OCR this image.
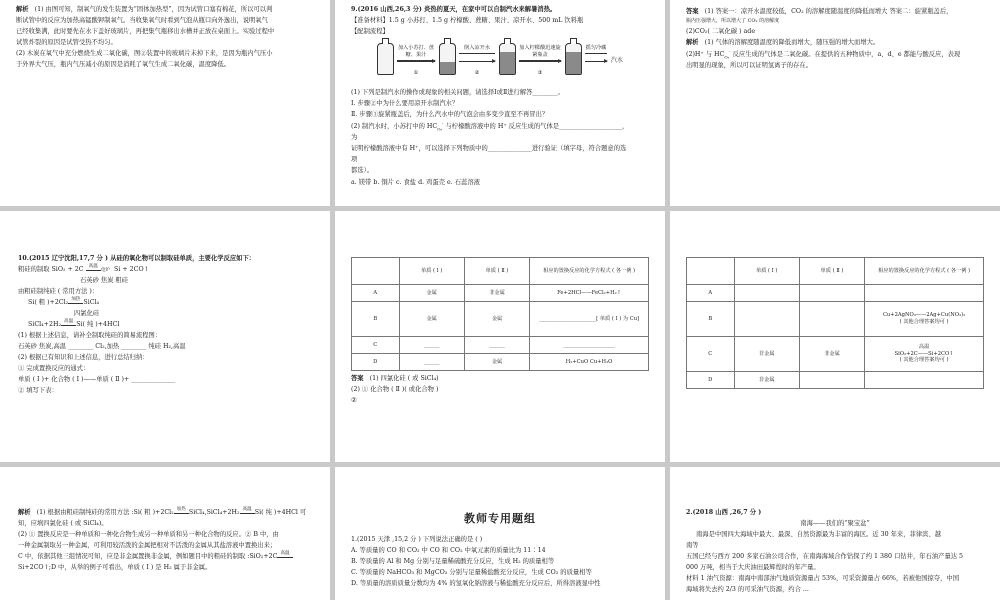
解析 (1) 由图可知，制氧气的发生装置为“固体加热型”，因为试管口塞有棉花，所以可以判
断试管中的反应为加热高锰酸钾制氧气。当收集氧气时看到气泡从瓶口向外逸出，说明氧气
已经收集满，此时要先在水下盖好玻璃片，再把集气瓶移出水槽并正放在桌面上。实验过程中
试管炸裂的原因是试管受热不均匀。
(2) 木炭在氧气中充分燃烧生成二氧化碳，图②装置中的玻璃片未掉下来，是因为瓶内气压小
于外界大气压，瓶内气压减小的原因是消耗了氧气生成二氧化碳，温度降低。
9.(2016 山西,26,3 分) 炎热的夏天，在家中可以自制汽水来解暑消热。
【准备材料】1.5 g 小苏打、1.5 g 柠檬酸、蔗糖、果汁、凉开水、500 mL 饮料瓶
【配制流程】
加入小苏打、蔗糖、果汁
①
倒入凉开水
②
加入柠檬酸迅速旋紧瓶盖
③
摇匀冷藏
汽水
(1) 下列是制汽水的操作或现象的相关问题，请选择Ⅰ或Ⅱ进行解答________。
Ⅰ. 步骤②中为什么要用凉开水制汽水？
Ⅱ. 步骤③旋紧瓶盖后，为什么汽水中的气泡会由多变少直至不再冒出？
(2) 制汽水时，小苏打中的 $HC_{O_3}^-$ 与柠檬酸溶液中的 H⁺ 反应生成的气体是____________________，
为
证明柠檬酸溶液中有 H⁺，可以选择下列物质中的______________进行验证（填字母，符合题意的选
项
都选）。
a. 镁带 b. 铜片 c. 食盐 d. 鸡蛋壳 e. 石蕊溶液
答案 (1) 答案一：凉开水温度较低，CO₂ 的溶解度随温度的降低而增大 答案二：旋紧瓶盖后，
瓶内压强增大，所以增大了 CO₂ 的溶解度
(2)CO₂( 二氧化碳 ) ade
解析 (1) 气体的溶解度随温度的降低而增大，随压强的增大而增大。
(2)H⁺ 与 $HC_{O_3}^-$ 反应生成的气体是二氧化碳。在提供的五种物质中，a、d、e 都能与酸反应，表现
出明显的现象，所以可以证明氢离子的存在。
10.(2015 辽宁沈阳,17,7 分 ) 从硅的氧化物可以制取硅单质，主要化学反应如下：
粗硅的制取 SiO₂ + 2C 高温电炉 Si + 2CO↑
石英砂 焦炭 粗硅
由粗硅制纯硅 ( 常用方法 )：
Si( 粗 )+2Cl₂ 加热 SiCl₄
四氯化硅
SiCl₄+2H₂ 高温 Si( 纯 )+4HCl
(1) 根据上述信息，请补全制取纯硅的简易流程图：
石英砂 焦炭,高温 ________ Cl₂,加热 ________ 纯硅 H₂,高温
(2) 根据已有知识和上述信息，进行总结归纳：
① 完成置换反应的通式：
单质 ( Ⅰ )+ 化合物 ( Ⅰ )——单质 ( Ⅱ )+ ______________
② 填写下表：
	单质 ( Ⅰ )	单质 ( Ⅱ )	相应的置换反应的化学方程式 ( 各一例 )
A	金属	非金属	Fe+2HCl——FeCl₂+H₂↑
B	金属	金属	______________________[ 单质 ( Ⅰ ) 为 Cu]
C	______	______	____________________
D	______	金属	H₂+CuO Cu+H₂O
答案 (1) 四氯化硅 ( 或 SiCl₄)
(2) ① 化合物 ( Ⅱ )( 或化合物 )
②
	单质 ( Ⅰ )	单质 ( Ⅱ )	相应的置换反应的化学方程式 ( 各一例 )
A			
B			Cu+2AgNO₃——2Ag+Cu(NO₃)₂
( 其他合理答案均可 )
C	非金属	非金属	高温
SiO₂+2C——Si+2CO↑
( 其他合理答案均可 )
D	非金属		
解析 (1) 根据由粗硅制纯硅的常用方法 :Si( 粗 )+2Cl₂ 加热 SiCl₄,SiCl₄+2H₂ 高温 Si( 纯 )+4HCl 可
知，应填四氯化硅 ( 或 SiCl₄)。
(2) ① 置换反应是一种单质和一种化合物生成另一种单质和另一种化合物的反应。② B 中，由
一种金属制取另一种金属，可利用较活泼的金属把相对不活泼的金属从其盐溶液中置换出来；
C 中，依据其他三组情况可知，应是非金属置换非金属，例如题目中的粗硅的制取 :SiO₂+2C 高温
Si+2CO↑;D 中，从举的例子可看出，单质 ( Ⅰ ) 是 H₂ 属于非金属。
教师专用题组
1.(2015 天津 ,15,2 分 ) 下列说法正确的是 ( )
A. 等质量的 CO 和 CO₂ 中 CO 和 CO₂ 中氧元素的质量比为 11∶14
B. 等质量的 Al 和 Mg 分别与足量稀硫酸充分反应，生成 H₂ 的质量相等
C. 等质量的 NaHCO₃ 和 MgCO₃ 分别与足量稀盐酸充分反应，生成 CO₂ 的质量相等
D. 等质量的溶质质量分数均为 4% 的氢氧化钠溶液与稀盐酸充分反应后，所得溶液显中性
2.(2018 山西 ,26,7 分 )
南海——我们的“聚宝盆”
南海是中国四大海域中最大、最深、自然资源最为丰富的海区。近 30 年来，菲律宾、越
南等
五国已经与西方 200 多家石油公司合作，在南海海域合作钻探了约 1 380 口钻井，年石油产量达 5
000 万吨，相当于大庆油田最辉煌时的年产量。
材料 1 油气资源：南海中南部油气地质资源量占 53%，可采资源量占 66%，若被他国掠夺，中国
海域将失去约 2/3 的可采油气资源，约合 ...
